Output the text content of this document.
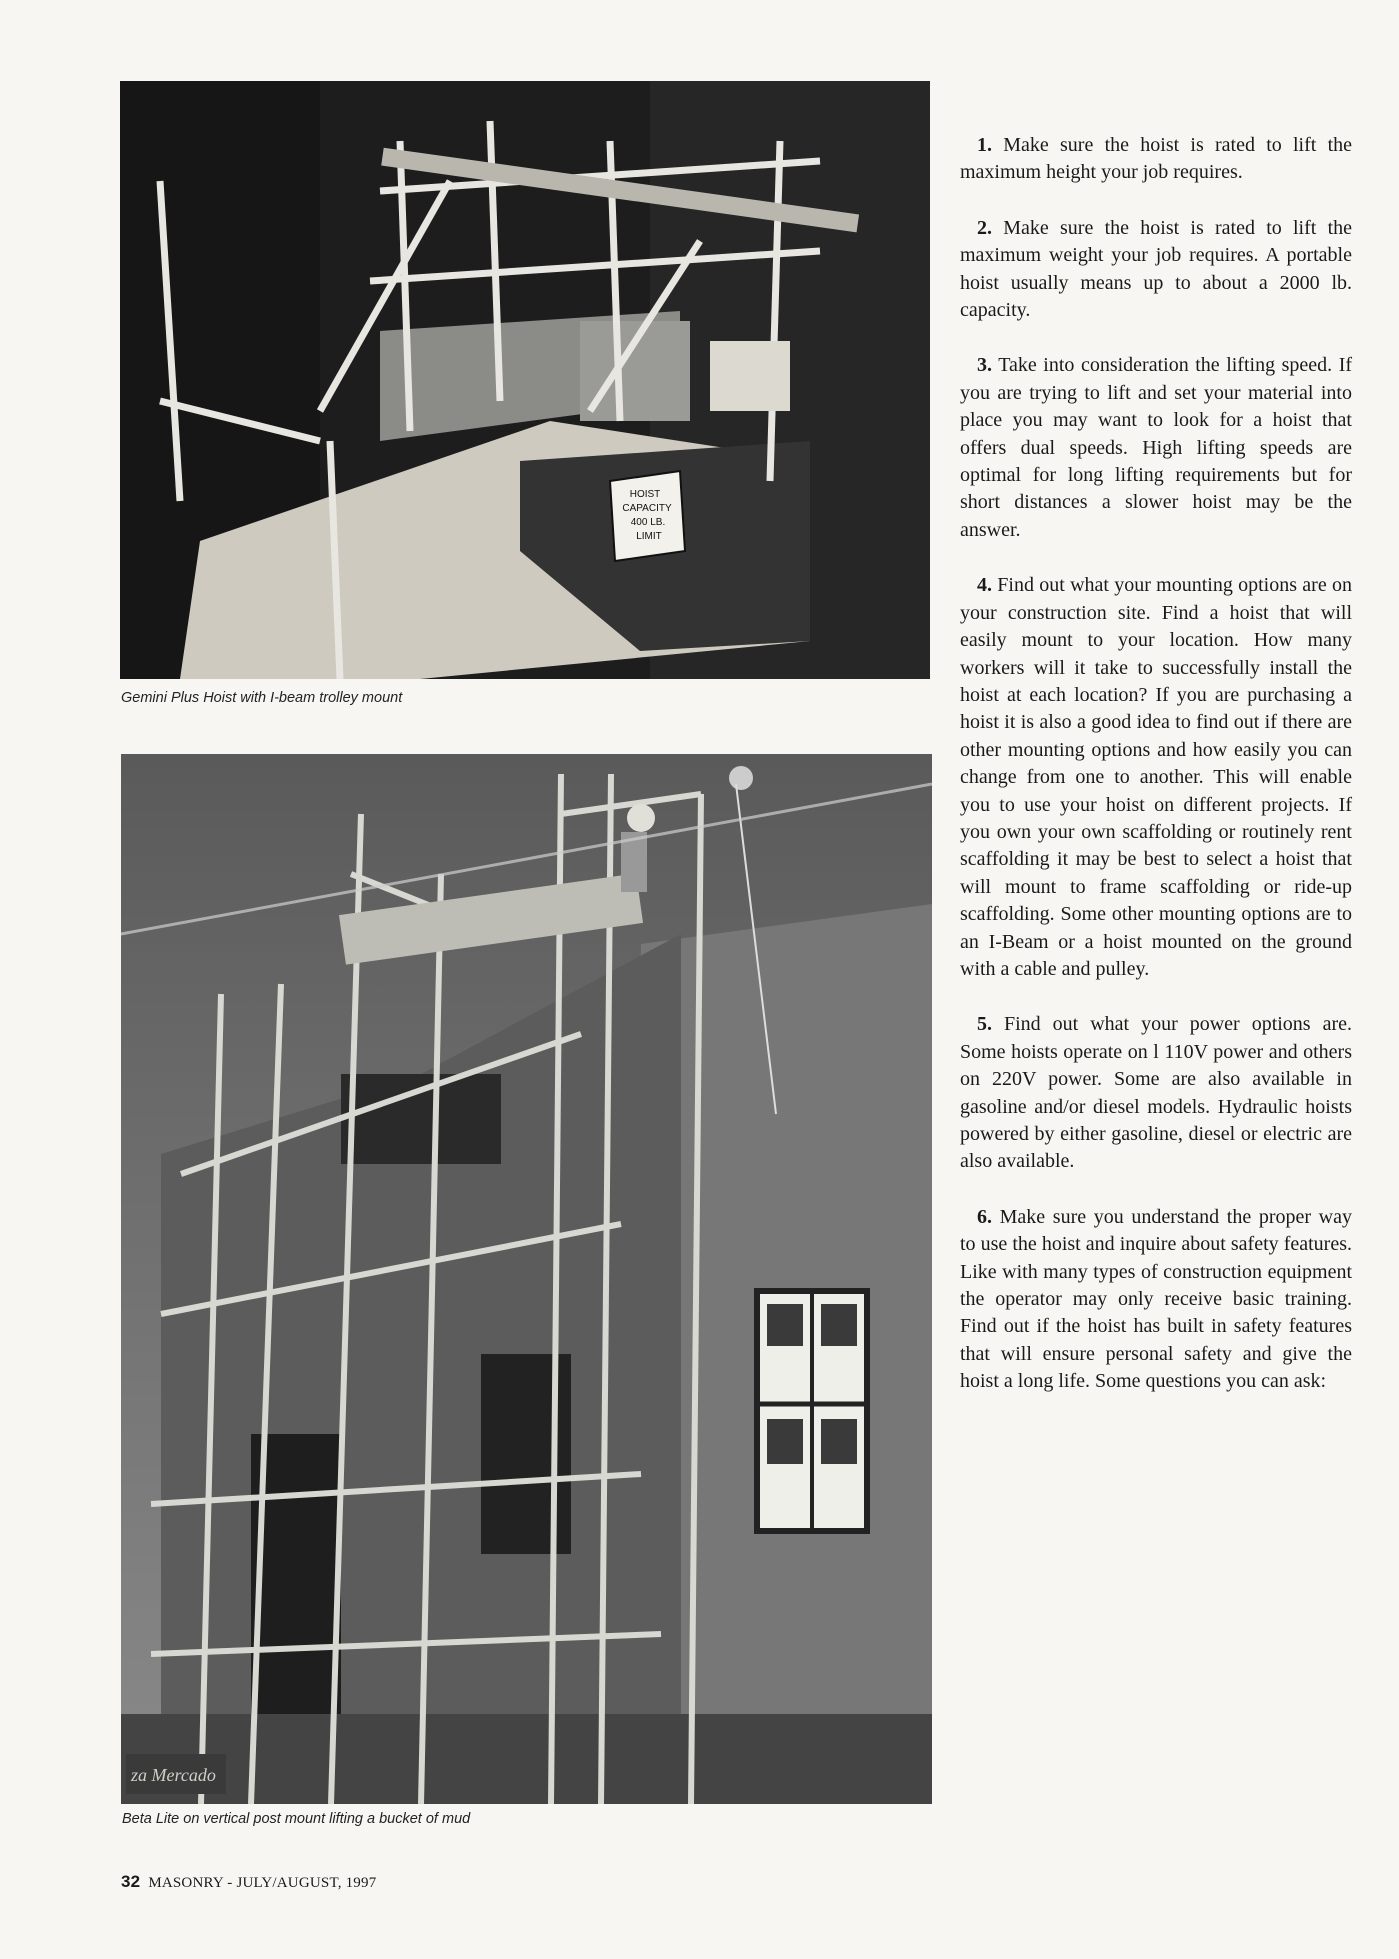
HOIST
CAPACITY
400 LB.
LIMIT
Gemini Plus Hoist with I-beam trolley mount
za Mercado
Beta Lite on vertical post mount lifting a bucket of mud

1. Make sure the hoist is rated to lift the maximum height your job requires.

2. Make sure the hoist is rated to lift the maximum weight your job requires. A portable hoist usually means up to about a 2000 lb. capacity.

3. Take into consideration the lifting speed. If you are trying to lift and set your material into place you may want to look for a hoist that offers dual speeds. High lifting speeds are optimal for long lifting requirements but for short distances a slower hoist may be the answer.

4. Find out what your mounting options are on your construction site. Find a hoist that will easily mount to your location. How many workers will it take to successfully install the hoist at each location? If you are purchasing a hoist it is also a good idea to find out if there are other mounting options and how easily you can change from one to another. This will enable you to use your hoist on different projects. If you own your own scaffolding or routinely rent scaffolding it may be best to select a hoist that will mount to frame scaffolding or ride-up scaffolding. Some other mounting options are to an I-Beam or a hoist mounted on the ground with a cable and pulley.

5. Find out what your power options are. Some hoists operate on l 110V power and others on 220V power. Some are also available in gasoline and/or diesel models. Hydraulic hoists powered by either gasoline, diesel or electric are also available.

6. Make sure you understand the proper way to use the hoist and inquire about safety features. Like with many types of construction equipment the operator may only receive basic training. Find out if the hoist has built in safety features that will ensure personal safety and give the hoist a long life. Some questions you can ask:

32 MASONRY - JULY/AUGUST, 1997
